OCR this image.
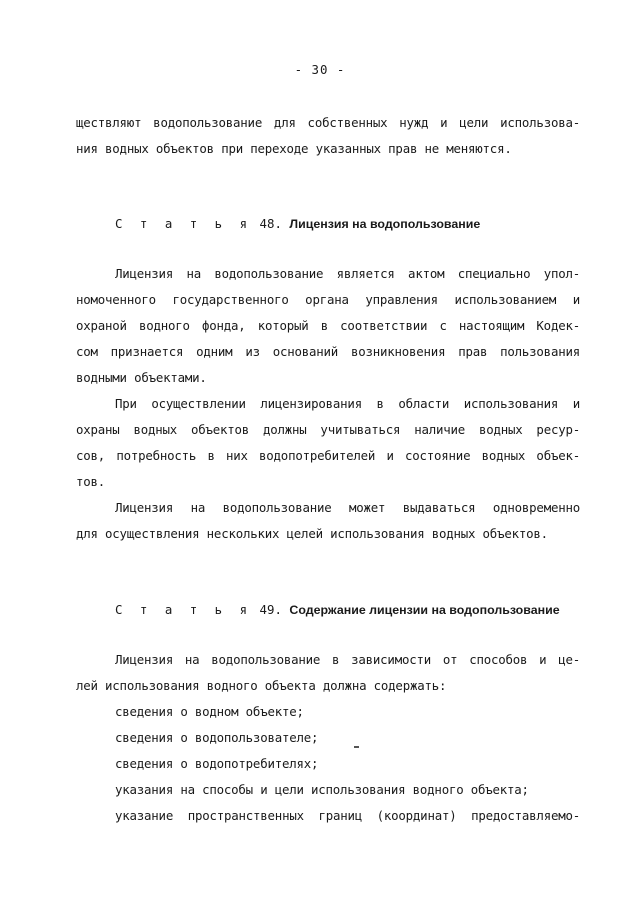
- 30 -
ществляют водопользование для собственных нужд и цели использова-
ния водных объектов при переходе указанных прав не меняются.
С т а т ь я 48. Лицензия на водопользование
Лицензия на водопользование является актом специально упол-
номоченного государственного органа управления использованием и
охраной водного фонда, который в соответствии с настоящим Кодек-
сом признается одним из оснований возникновения прав пользования
водными объектами.
При осуществлении лицензирования в области использования и
охраны водных объектов должны учитываться наличие водных ресур-
сов, потребность в них водопотребителей и состояние водных объек-
тов.
Лицензия на водопользование может выдаваться одновременно
для осуществления нескольких целей использования водных объектов.
С т а т ь я 49. Содержание лицензии на водопользование
Лицензия на водопользование в зависимости от способов и це-
лей использования водного объекта должна содержать:
сведения о водном объекте;
сведения о водопользователе;
сведения о водопотребителях;
указания на способы и цели использования водного объекта;
указание пространственных границ (координат) предоставляемо-
